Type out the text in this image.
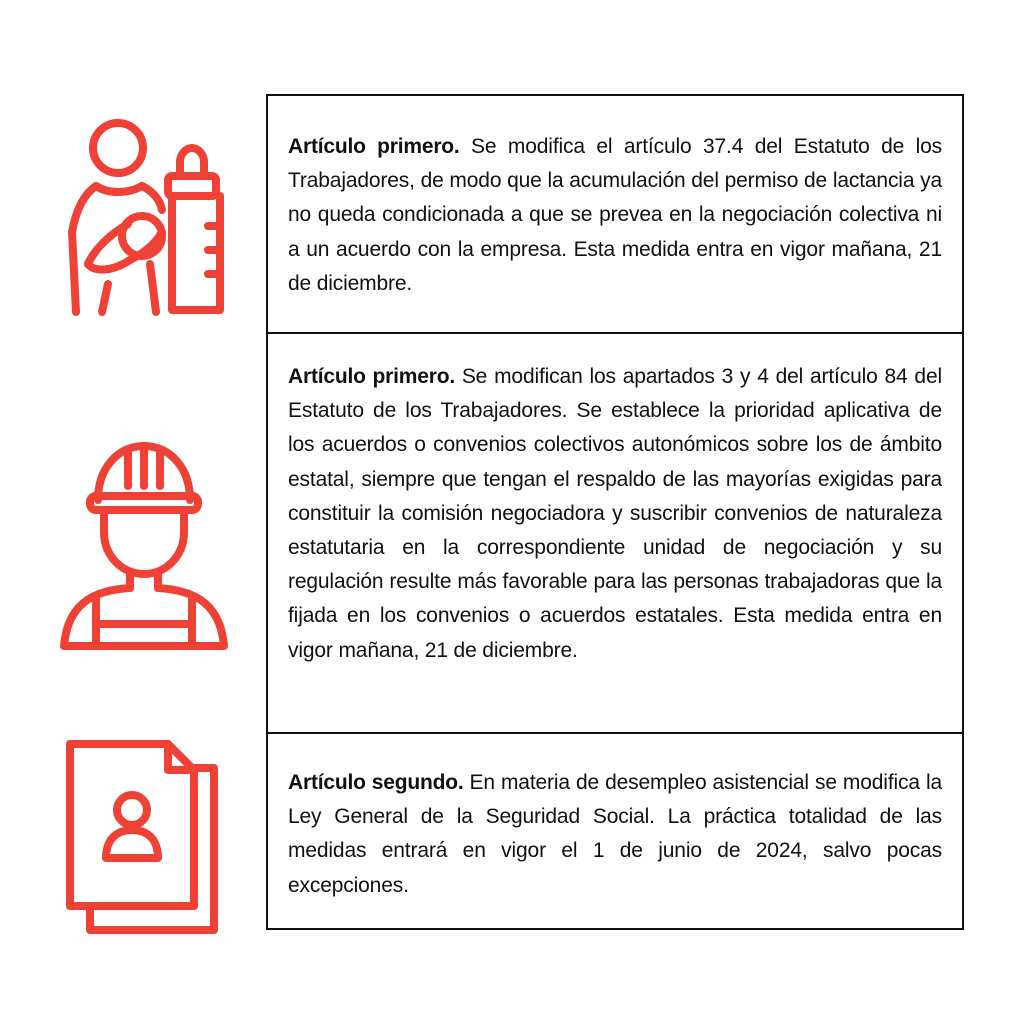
Artículo primero. Se modifica el artículo 37.4 del Estatuto de los Trabajadores, de modo que la acumulación del permiso de lactancia ya no queda condicionada a que se prevea en la negociación colectiva ni a un acuerdo con la empresa. Esta medida entra en vigor mañana, 21 de diciembre.

Artículo primero. Se modifican los apartados 3 y 4 del artículo 84 del Estatuto de los Trabajadores. Se establece la prioridad aplicativa de los acuerdos o convenios colectivos autonómicos sobre los de ámbito estatal, siempre que tengan el respaldo de las mayorías exigidas para constituir la comisión negociadora y suscribir convenios de naturaleza estatutaria en la correspondiente unidad de negociación y su regulación resulte más favorable para las personas trabajadoras que la fijada en los convenios o acuerdos estatales. Esta medida entra en vigor mañana, 21 de diciembre.

Artículo segundo. En materia de desempleo asistencial se modifica la Ley General de la Seguridad Social. La práctica totalidad de las medidas entrará en vigor el 1 de junio de 2024, salvo pocas excepciones.
